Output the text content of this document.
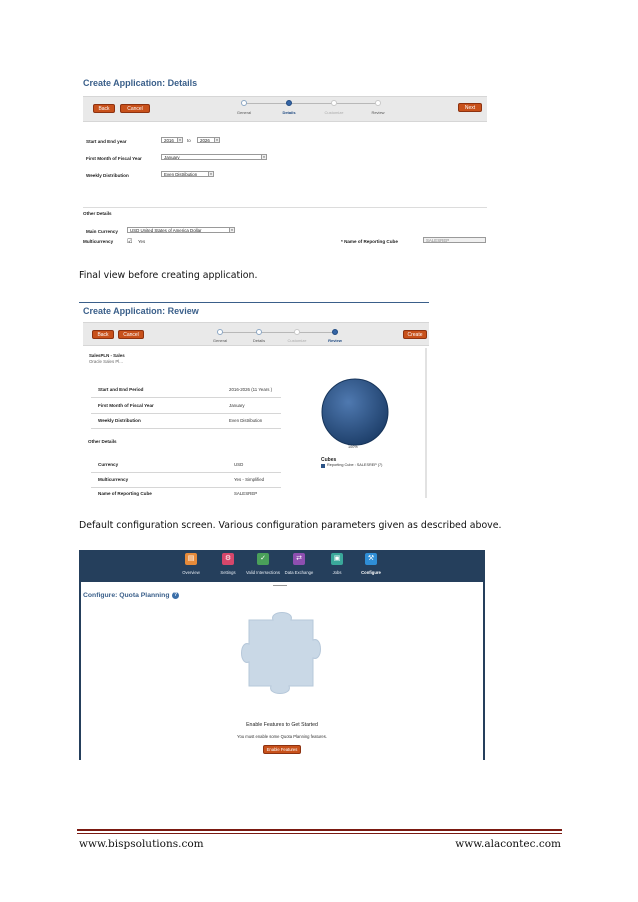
Create Application: Details
Back	Cancel
General	Details	Customize	Review
Next
Start and End year	2016	▾ to	2026	▾
First Month of Fiscal Year	January	▾
Weekly Distribution	Even Distribution	▾
Other Details
Main Currency	USD United States of America Dollar	▾
Multicurrency ☑ Yes	* Name of Reporting Cube	SALESREP
Final view before creating application.
Create Application: Review
Back	Cancel
General	Details	Customize	Review
Create
SalesPLN - Sales
Oracle Sales Pl...
Start and End Period	2016-2026 (11 Years )
First Month of Fiscal Year	January
Weekly Distribution	Even Distribution
Other Details
Currency	USD
Multicurrency	Yes - Simplified
Name of Reporting Cube	SALESREP
100%
Cubes
Reporting Cube : SALESREP (7)
Default configuration screen. Various configuration parameters given as described above.
▤
Overview
⚙
Settings
✓
Valid Intersections
⇄
Data Exchange
▣
Jobs
⚒
Configure
Configure: Quota Planning ?
Enable Features to Get Started
You must enable some Quota Planning features.
Enable Features
www.bispsolutions.com	www.alacontec.com
